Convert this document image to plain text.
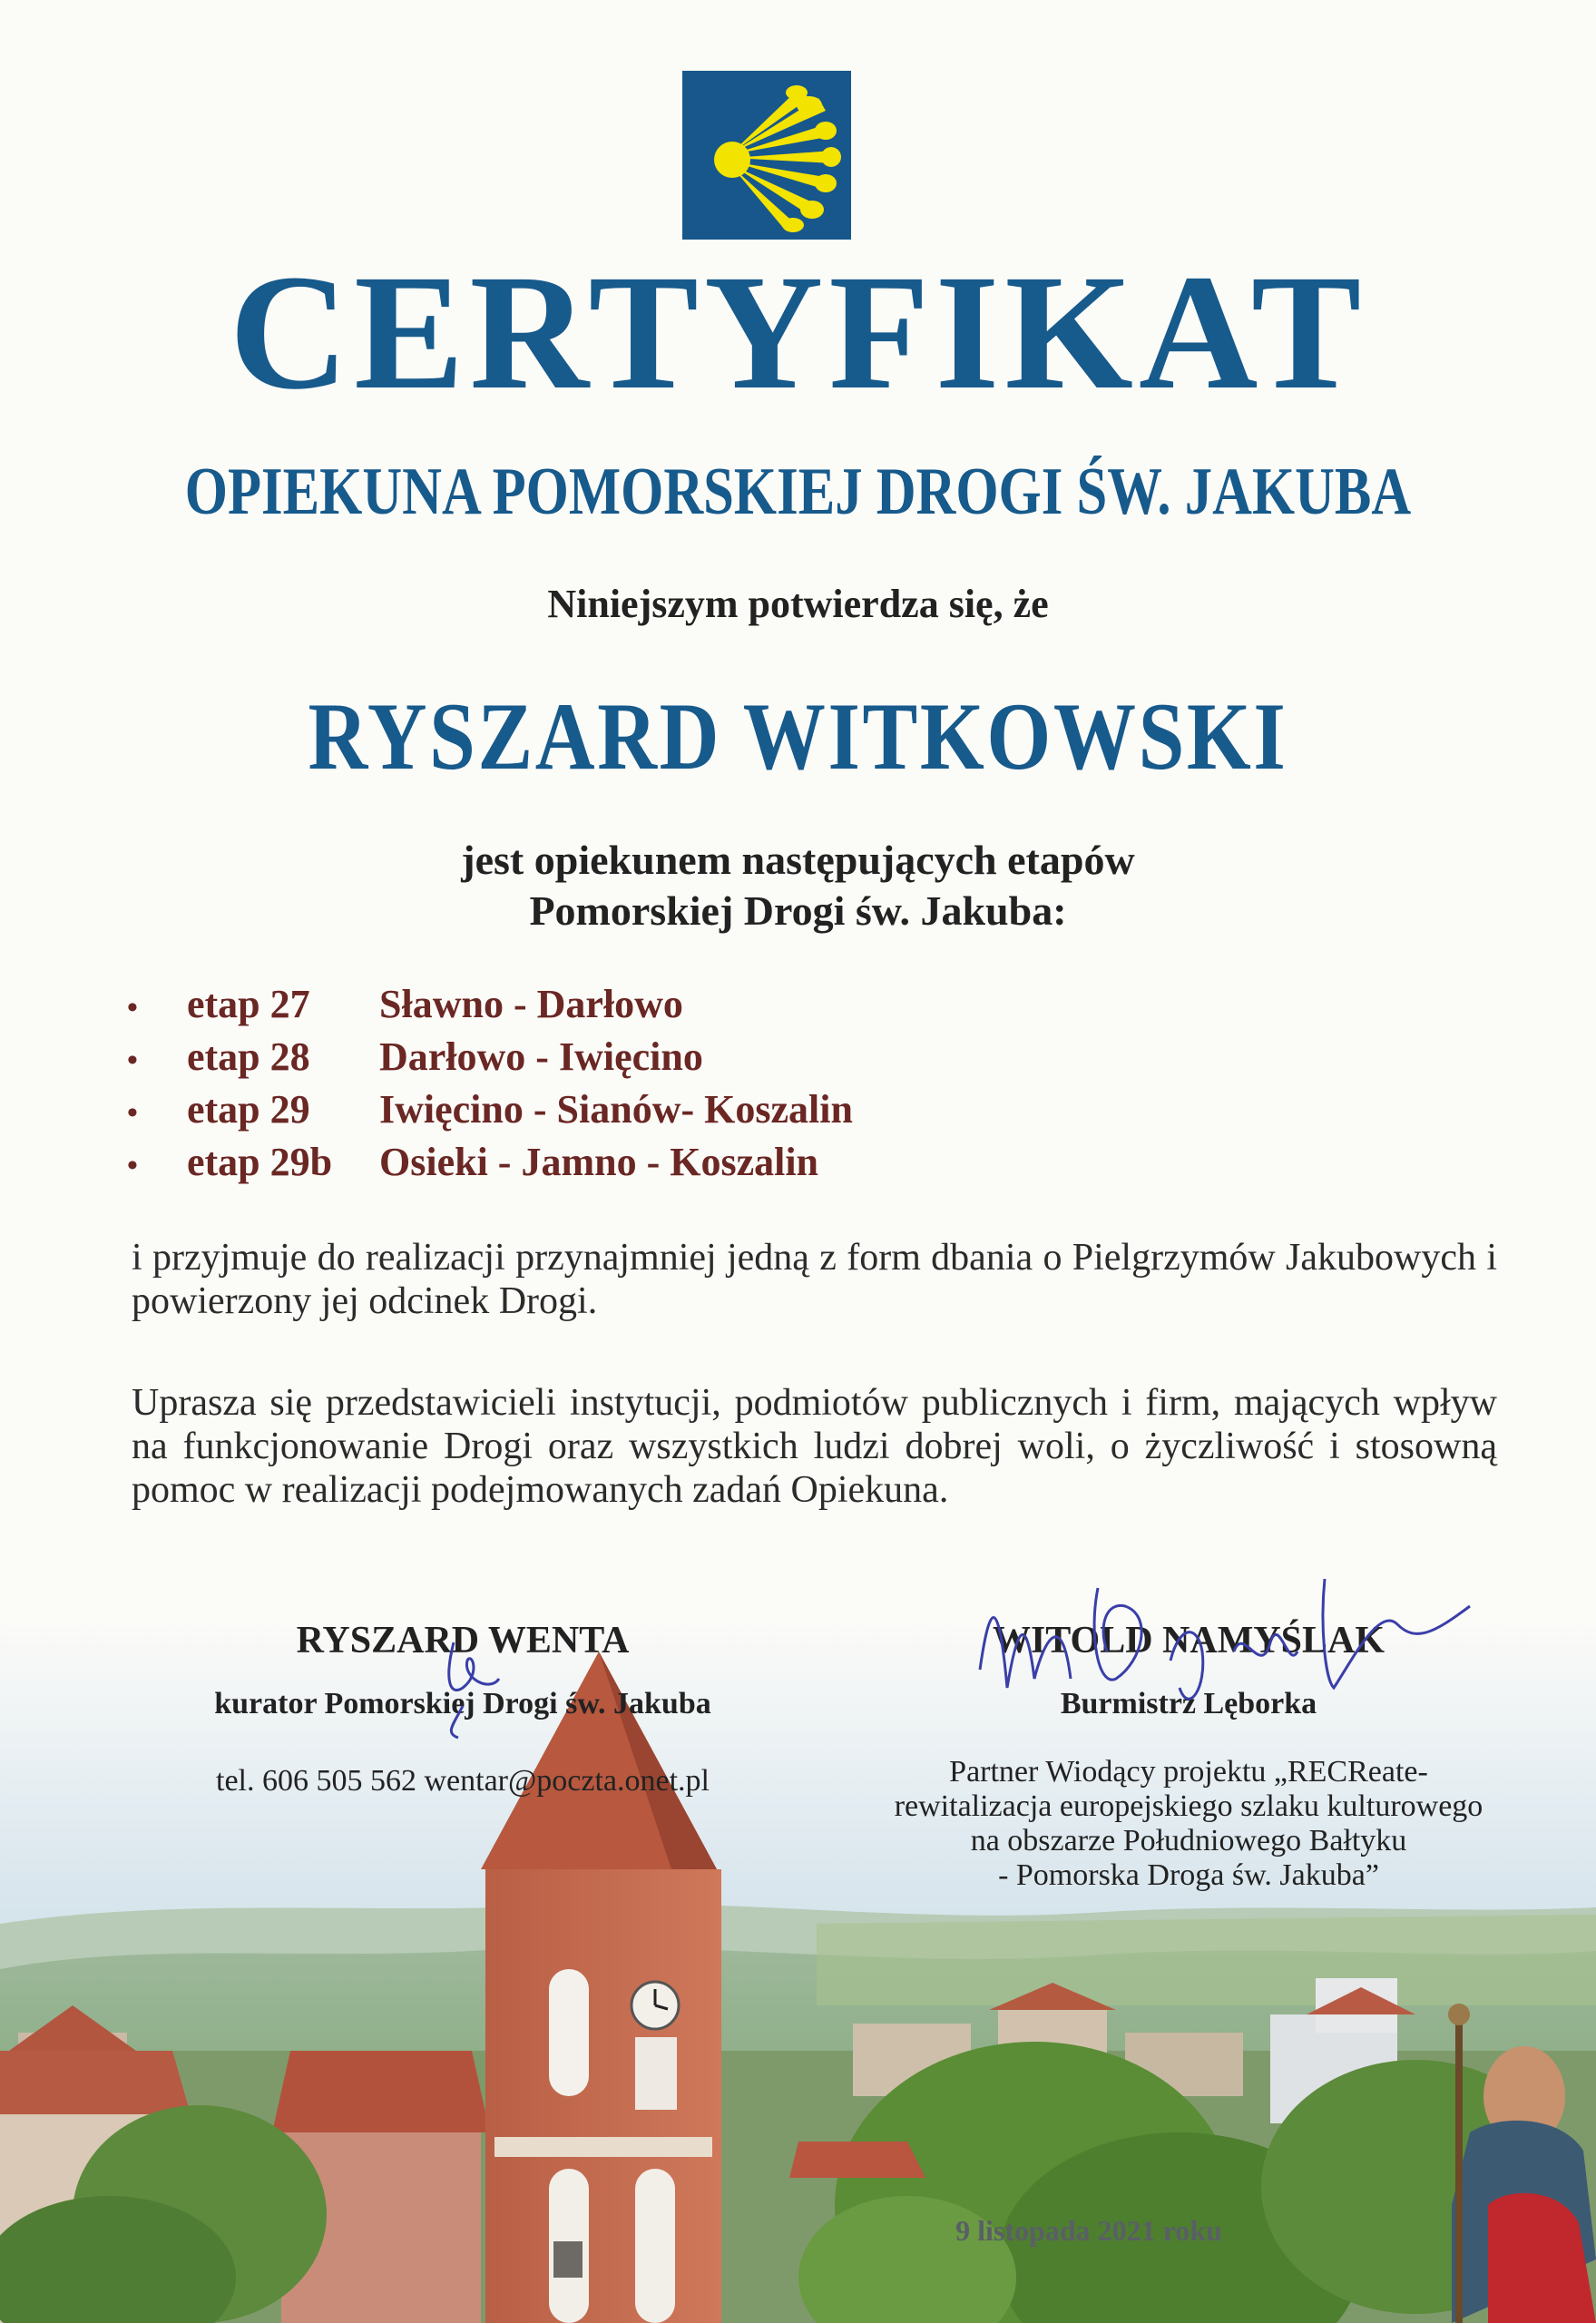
CERTYFIKAT
OPIEKUNA POMORSKIEJ DROGI ŚW. JAKUBA
Niniejszym potwierdza się, że
RYSZARD WITKOWSKI
jest opiekunem następujących etapów
Pomorskiej Drogi św. Jakuba:
• etap 27 Sławno - Darłowo
• etap 28 Darłowo - Iwięcino
• etap 29 Iwięcino - Sianów- Koszalin
• etap 29b Osieki - Jamno - Koszalin
i przyjmuje do realizacji przynajmniej jedną z form dbania o Pielgrzymów Jakubowych i powierzony jej odcinek Drogi.
Uprasza się przedstawicieli instytucji, podmiotów publicznych i firm, mających wpływ na funkcjonowanie Drogi oraz wszystkich ludzi dobrej woli, o życzliwość i stosowną pomoc w realizacji podejmowanych zadań Opiekuna.
RYSZARD WENTA
kurator Pomorskiej Drogi św. Jakuba
tel. 606 505 562 wentar@poczta.onet.pl
WITOLD NAMYŚLAK
Burmistrz Lęborka
Partner Wiodący projektu „RECReate-
rewitalizacja europejskiego szlaku kulturowego
na obszarze Południowego Bałtyku
- Pomorska Droga św. Jakuba”
9 listopada 2021 roku
